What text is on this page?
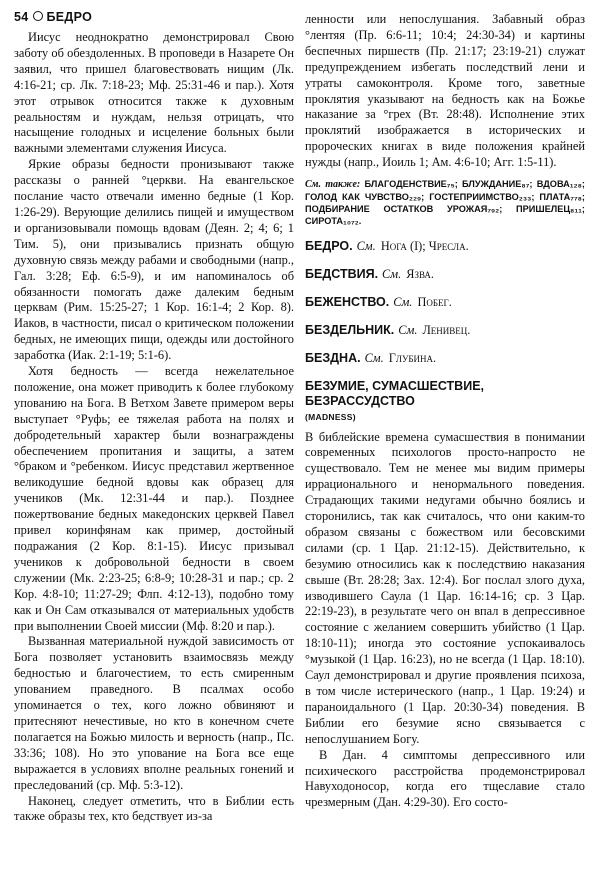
54 БЕДРО

Иисус неоднократно демонстрировал Свою заботу об обездоленных. В проповеди в Назарете Он заявил, что пришел благовествовать нищим (Лк. 4:16-21; ср. Лк. 7:18-23; Мф. 25:31-46 и пар.). Хотя этот отрывок относится также к духовным реальностям и нуждам, нельзя отрицать, что насыщение голодных и исцеление больных были важными элементами служения Иисуса.

Яркие образы бедности пронизывают также рассказы о ранней °церкви. На евангельское послание часто отвечали именно бедные (1 Кор. 1:26-29). Верующие делились пищей и имуществом и организовывали помощь вдовам (Деян. 2; 4; 6; 1 Тим. 5), они призывались признать общую духовную связь между рабами и свободными (напр., Гал. 3:28; Еф. 6:5-9), и им напоминалось об обязанности помогать даже далеким бедным церквам (Рим. 15:25-27; 1 Кор. 16:1-4; 2 Кор. 8). Иаков, в частности, писал о критическом положении бедных, не имеющих пищи, одежды или достойного заработка (Иак. 2:1-19; 5:1-6).

Хотя бедность — всегда нежелательное положение, она может приводить к более глубокому упованию на Бога. В Ветхом Завете примером веры выступает °Руфь; ее тяжелая работа на полях и добродетельный характер были вознаграждены обеспечением пропитания и защиты, а затем °браком и °ребенком. Иисус представил жертвенное великодушие бедной вдовы как образец для учеников (Мк. 12:31-44 и пар.). Позднее пожертвование бедных македонских церквей Павел привел коринфянам как пример, достойный подражания (2 Кор. 8:1-15). Иисус призывал учеников к добровольной бедности в своем служении (Мк. 2:23-25; 6:8-9; 10:28-31 и пар.; ср. 2 Кор. 4:8-10; 11:27-29; Флп. 4:12-13), подобно тому как и Он Сам отказывался от материальных удобств при выполнении Своей миссии (Мф. 8:20 и пар.).

Вызванная материальной нуждой зависимость от Бога позволяет установить взаимосвязь между бедностью и благочестием, то есть смиренным упованием праведного. В псалмах особо упоминается о тех, кого ложно обвиняют и притесняют нечестивые, но кто в конечном счете полагается на Божью милость и верность (напр., Пс. 33:36; 108). Но это упование на Бога все еще выражается в условиях вполне реальных гонений и преследований (ср. Мф. 5:3-12).

Наконец, следует отметить, что в Библии есть также образы тех, кто бедствует из-за

ленности или непослушания. Забавный образ °лентяя (Пр. 6:6-11; 10:4; 24:30-34) и картины беспечных пиршеств (Пр. 21:17; 23:19-21) служат предупреждением избегать последствий лени и утраты самоконтроля. Кроме того, заветные проклятия указывают на бедность как на Божье наказание за °грех (Вт. 28:48). Исполнение этих проклятий изображается в исторических и пророческих книгах в виде положения крайней нужды (напр., Иоиль 1; Ам. 4:6-10; Агг. 1:5-11).

См. также: БЛАГОДЕНСТВИЕ₇₅; БЛУЖДАНИЕ₈₇; ВДОВА₁₂₈; ГОЛОД КАК ЧУВСТВО₂₂₉; ГОСТЕПРИИМСТВО₂₃₃; ПЛАТА₇₇₈; ПОДБИРАНИЕ ОСТАТКОВ УРОЖАЯ₇₉₂; ПРИШЕЛЕЦ₈₁₁; СИРОТА₁₀₇₂.

БЕДРО. См. Нога (I); Чресла.
БЕДСТВИЯ. См. Язва.
БЕЖЕНСТВО. См. Побег.
БЕЗДЕЛЬНИК. См. Ленивец.
БЕЗДНА. См. Глубина.
БЕЗУМИЕ, СУМАСШЕСТВИЕ,
БЕЗРАССУДСТВО
(MADNESS)

В библейские времена сумасшествия в понимании современных психологов просто-напросто не существовало. Тем не менее мы видим примеры иррационального и ненормального поведения. Страдающих такими недугами обычно боялись и сторонились, так как считалось, что они каким-то образом связаны с божеством или бесовскими силами (ср. 1 Цар. 21:12-15). Действительно, к безумию относились как к последствию наказания свыше (Вт. 28:28; Зах. 12:4). Бог послал злого духа, изводившего Саула (1 Цар. 16:14-16; ср. 3 Цар. 22:19-23), в результате чего он впал в депрессивное состояние с желанием совершить убийство (1 Цар. 18:10-11); иногда это состояние успокаивалось °музыкой (1 Цар. 16:23), но не всегда (1 Цар. 18:10). Саул демонстрировал и другие проявления психоза, в том числе истерического (напр., 1 Цар. 19:24) и параноидального (1 Цар. 20:30-34) поведения. В Библии его безумие ясно связывается с непослушанием Богу.

В Дан. 4 симптомы депрессивного или психического расстройства продемонстрировал Навуходоносор, когда его тщеславие стало чрезмерным (Дан. 4:29-30). Его состо-
